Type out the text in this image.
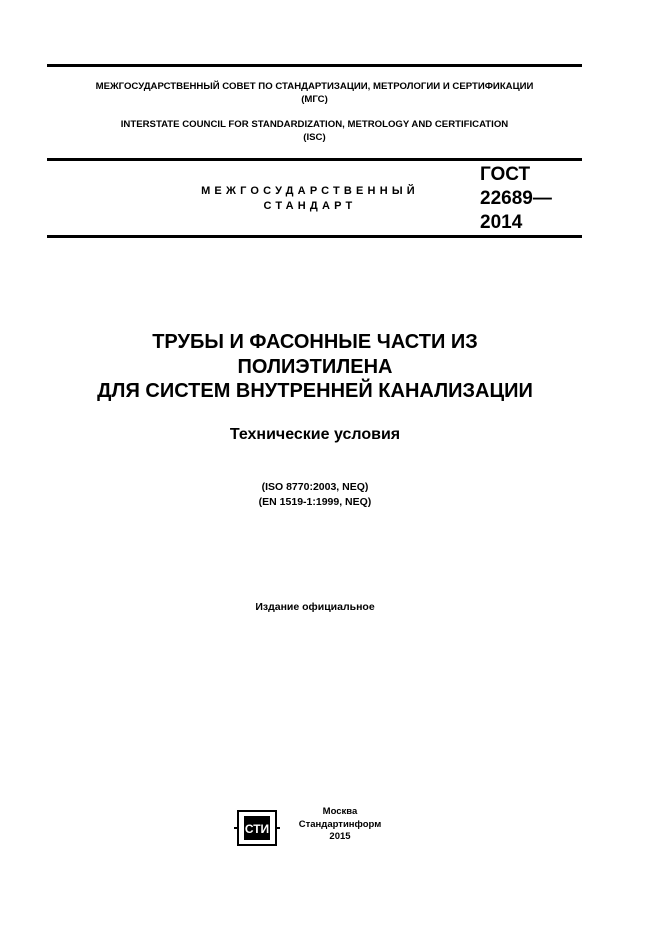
МЕЖГОСУДАРСТВЕННЫЙ СОВЕТ ПО СТАНДАРТИЗАЦИИ, МЕТРОЛОГИИ И СЕРТИФИКАЦИИ
(МГС)
INTERSTATE COUNCIL FOR STANDARDIZATION, METROLOGY AND CERTIFICATION
(ISC)
МЕЖГОСУДАРСТВЕННЫЙ
СТАНДАРТ
ГОСТ
22689—
2014
ТРУБЫ И ФАСОННЫЕ ЧАСТИ ИЗ
ПОЛИЭТИЛЕНА
ДЛЯ СИСТЕМ ВНУТРЕННЕЙ КАНАЛИЗАЦИИ
Технические условия
(ISO 8770:2003, NEQ)
(EN 1519-1:1999, NEQ)
Издание официальное
СТИ
Москва
Стандартинформ
2015
